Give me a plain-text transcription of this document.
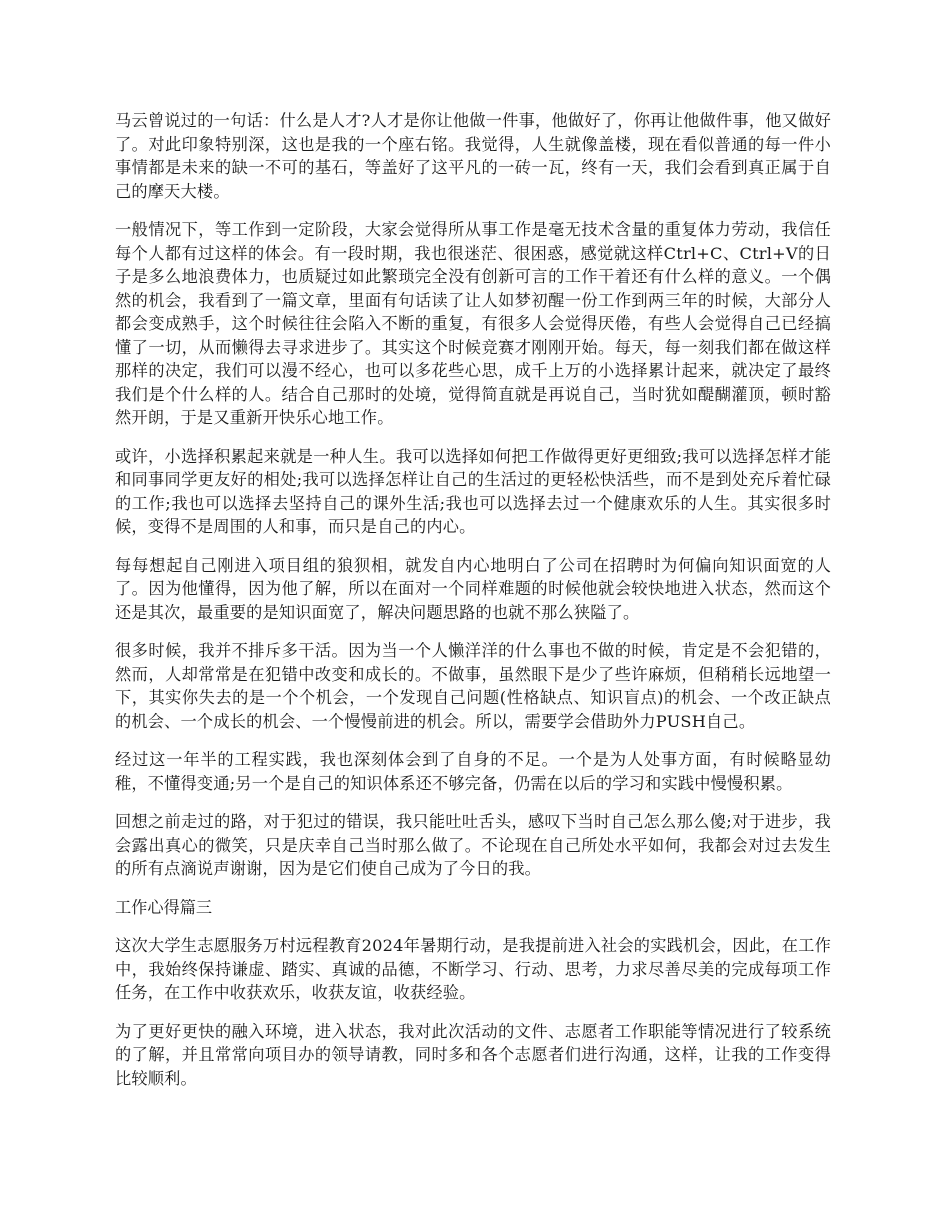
马云曾说过的一句话：什么是人才?人才是你让他做一件事，他做好了，你再让他做件事，他又做好了。对此印象特别深，这也是我的一个座右铭。我觉得，人生就像盖楼，现在看似普通的每一件小事情都是未来的缺一不可的基石，等盖好了这平凡的一砖一瓦，终有一天，我们会看到真正属于自己的摩天大楼。

一般情况下，等工作到一定阶段，大家会觉得所从事工作是毫无技术含量的重复体力劳动，我信任每个人都有过这样的体会。有一段时期，我也很迷茫、很困惑，感觉就这样Ctrl+C、Ctrl+V的日子是多么地浪费体力，也质疑过如此繁琐完全没有创新可言的工作干着还有什么样的意义。一个偶然的机会，我看到了一篇文章，里面有句话读了让人如梦初醒一份工作到两三年的时候，大部分人都会变成熟手，这个时候往往会陷入不断的重复，有很多人会觉得厌倦，有些人会觉得自己已经搞懂了一切，从而懒得去寻求进步了。其实这个时候竞赛才刚刚开始。每天，每一刻我们都在做这样那样的决定，我们可以漫不经心，也可以多花些心思，成千上万的小选择累计起来，就决定了最终我们是个什么样的人。结合自己那时的处境，觉得简直就是再说自己，当时犹如醍醐灌顶，顿时豁然开朗，于是又重新开快乐心地工作。

或许，小选择积累起来就是一种人生。我可以选择如何把工作做得更好更细致;我可以选择怎样才能和同事同学更友好的相处;我可以选择怎样让自己的生活过的更轻松快活些，而不是到处充斥着忙碌的工作;我也可以选择去坚持自己的课外生活;我也可以选择去过一个健康欢乐的人生。其实很多时候，变得不是周围的人和事，而只是自己的内心。

每每想起自己刚进入项目组的狼狈相，就发自内心地明白了公司在招聘时为何偏向知识面宽的人了。因为他懂得，因为他了解，所以在面对一个同样难题的时候他就会较快地进入状态，然而这个还是其次，最重要的是知识面宽了，解决问题思路的也就不那么狭隘了。

很多时候，我并不排斥多干活。因为当一个人懒洋洋的什么事也不做的时候，肯定是不会犯错的，然而，人却常常是在犯错中改变和成长的。不做事，虽然眼下是少了些许麻烦，但稍稍长远地望一下，其实你失去的是一个个机会，一个发现自己问题(性格缺点、知识盲点)的机会、一个改正缺点的机会、一个成长的机会、一个慢慢前进的机会。所以，需要学会借助外力PUSH自己。

经过这一年半的工程实践，我也深刻体会到了自身的不足。一个是为人处事方面，有时候略显幼稚，不懂得变通;另一个是自己的知识体系还不够完备，仍需在以后的学习和实践中慢慢积累。

回想之前走过的路，对于犯过的错误，我只能吐吐舌头，感叹下当时自己怎么那么傻;对于进步，我会露出真心的微笑，只是庆幸自己当时那么做了。不论现在自己所处水平如何，我都会对过去发生的所有点滴说声谢谢，因为是它们使自己成为了今日的我。

工作心得篇三

这次大学生志愿服务万村远程教育2024年暑期行动，是我提前进入社会的实践机会，因此，在工作中，我始终保持谦虚、踏实、真诚的品德，不断学习、行动、思考，力求尽善尽美的完成每项工作任务，在工作中收获欢乐，收获友谊，收获经验。

为了更好更快的融入环境，进入状态，我对此次活动的文件、志愿者工作职能等情况进行了较系统的了解，并且常常向项目办的领导请教，同时多和各个志愿者们进行沟通，这样，让我的工作变得比较顺利。
